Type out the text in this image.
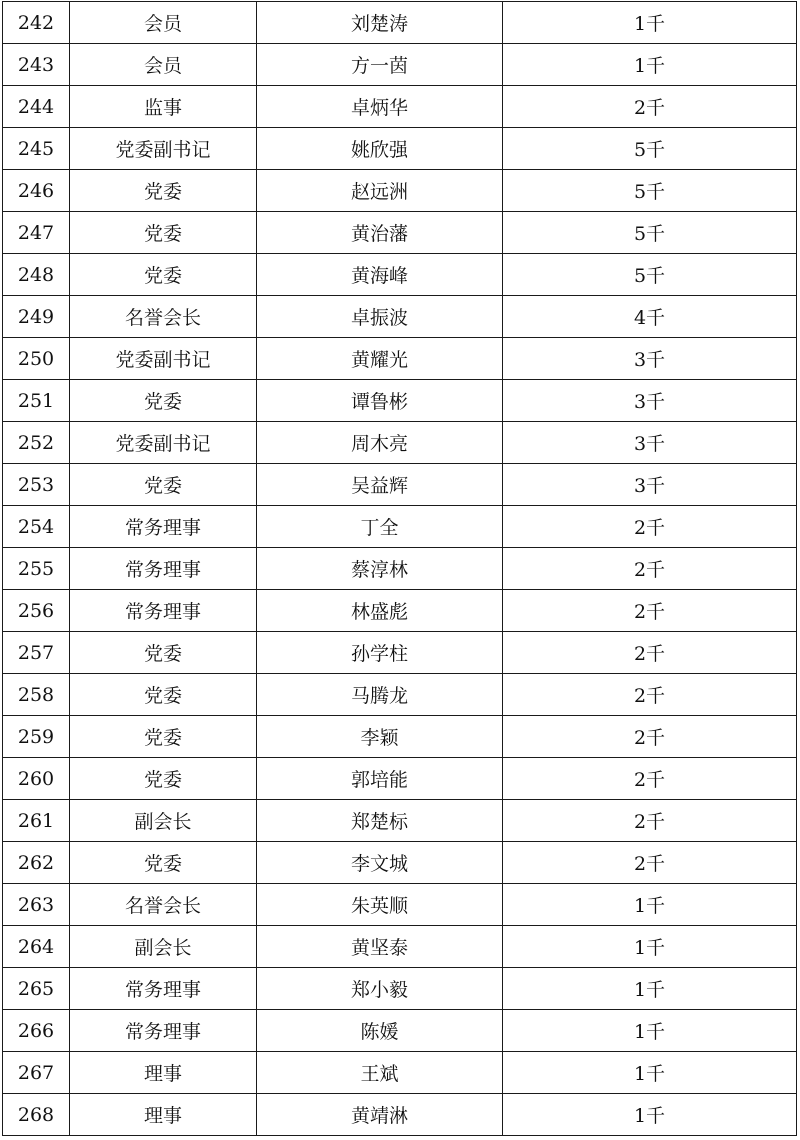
242	会员	刘楚涛	1千
243	会员	方一茵	1千
244	监事	卓炳华	2千
245	党委副书记	姚欣强	5千
246	党委	赵远洲	5千
247	党委	黄治藩	5千
248	党委	黄海峰	5千
249	名誉会长	卓振波	4千
250	党委副书记	黄耀光	3千
251	党委	谭鲁彬	3千
252	党委副书记	周木亮	3千
253	党委	吴益辉	3千
254	常务理事	丁全	2千
255	常务理事	蔡淳林	2千
256	常务理事	林盛彪	2千
257	党委	孙学柱	2千
258	党委	马腾龙	2千
259	党委	李颖	2千
260	党委	郭培能	2千
261	副会长	郑楚标	2千
262	党委	李文城	2千
263	名誉会长	朱英顺	1千
264	副会长	黄坚泰	1千
265	常务理事	郑小毅	1千
266	常务理事	陈媛	1千
267	理事	王斌	1千
268	理事	黄靖淋	1千
